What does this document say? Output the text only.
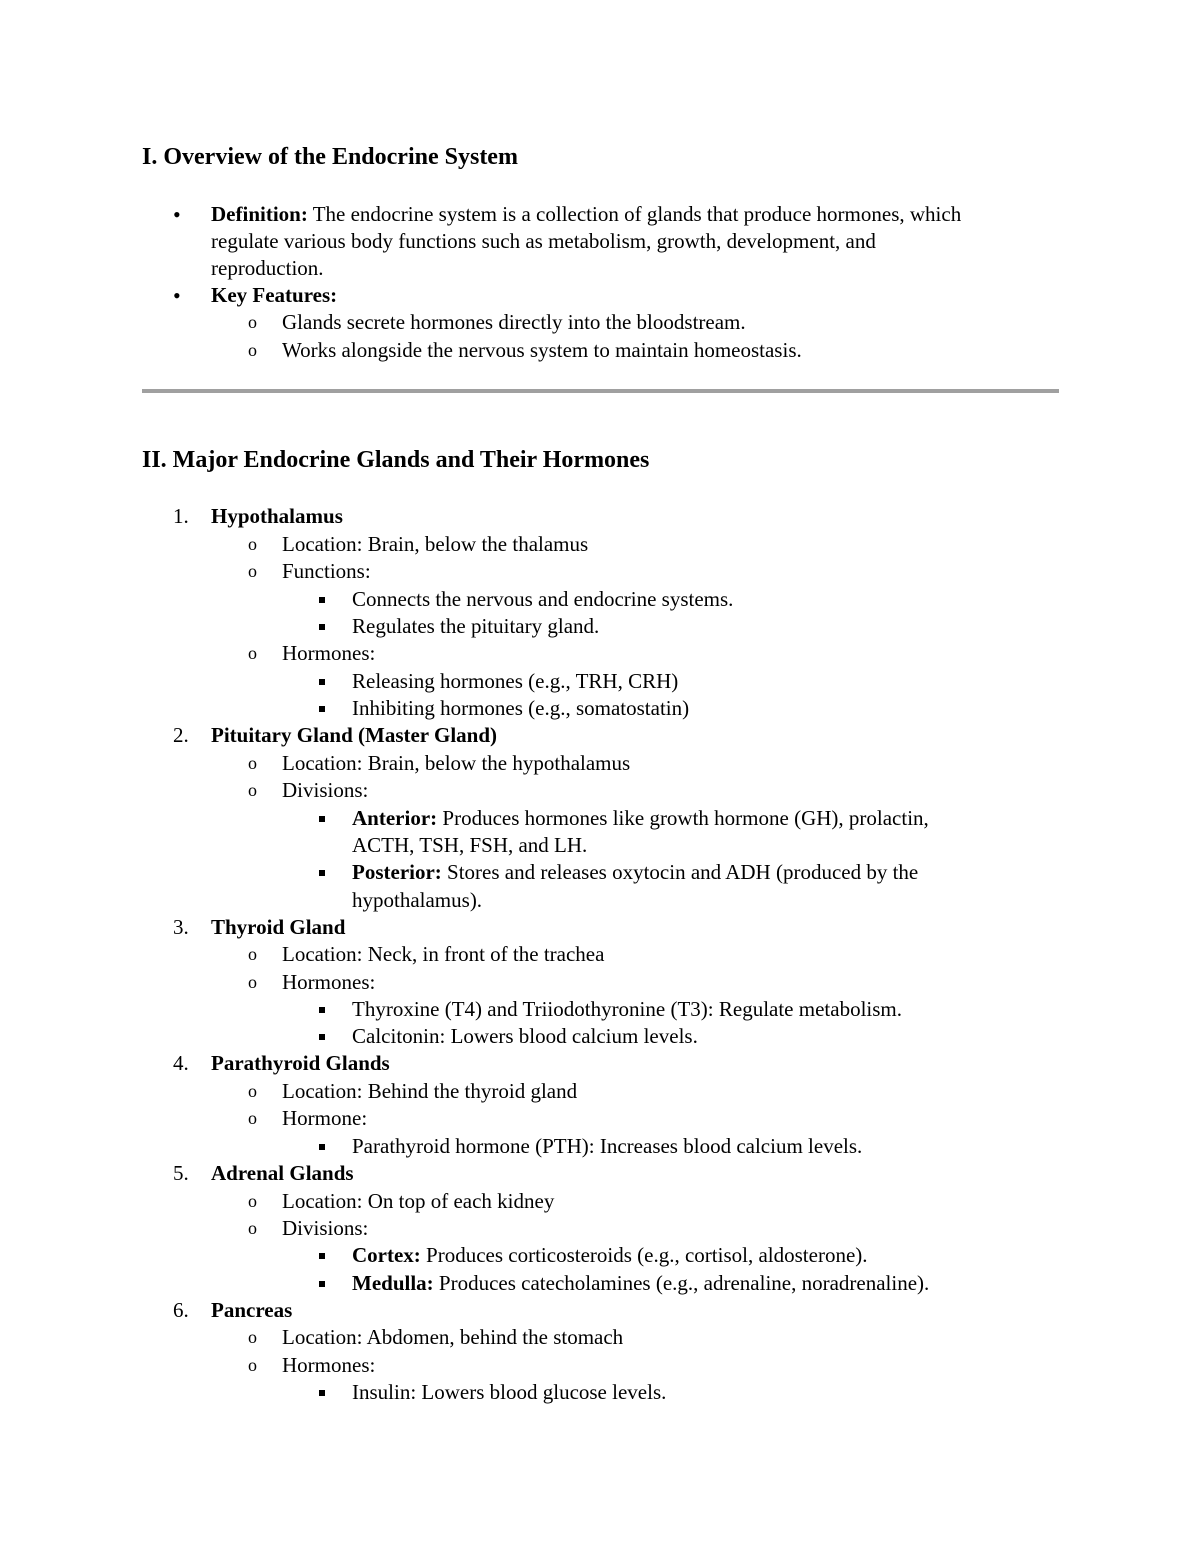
I. Overview of the Endocrine System
• Definition: The endocrine system is a collection of glands that produce hormones, which
regulate various body functions such as metabolism, growth, development, and
reproduction.
• Key Features:
o Glands secrete hormones directly into the bloodstream.
o Works alongside the nervous system to maintain homeostasis.
II. Major Endocrine Glands and Their Hormones
1. Hypothalamus
o Location: Brain, below the thalamus
o Functions:
Connects the nervous and endocrine systems.
Regulates the pituitary gland.
o Hormones:
Releasing hormones (e.g., TRH, CRH)
Inhibiting hormones (e.g., somatostatin)
2. Pituitary Gland (Master Gland)
o Location: Brain, below the hypothalamus
o Divisions:
Anterior: Produces hormones like growth hormone (GH), prolactin,
ACTH, TSH, FSH, and LH.
Posterior: Stores and releases oxytocin and ADH (produced by the
hypothalamus).
3. Thyroid Gland
o Location: Neck, in front of the trachea
o Hormones:
Thyroxine (T4) and Triiodothyronine (T3): Regulate metabolism.
Calcitonin: Lowers blood calcium levels.
4. Parathyroid Glands
o Location: Behind the thyroid gland
o Hormone:
Parathyroid hormone (PTH): Increases blood calcium levels.
5. Adrenal Glands
o Location: On top of each kidney
o Divisions:
Cortex: Produces corticosteroids (e.g., cortisol, aldosterone).
Medulla: Produces catecholamines (e.g., adrenaline, noradrenaline).
6. Pancreas
o Location: Abdomen, behind the stomach
o Hormones:
Insulin: Lowers blood glucose levels.
